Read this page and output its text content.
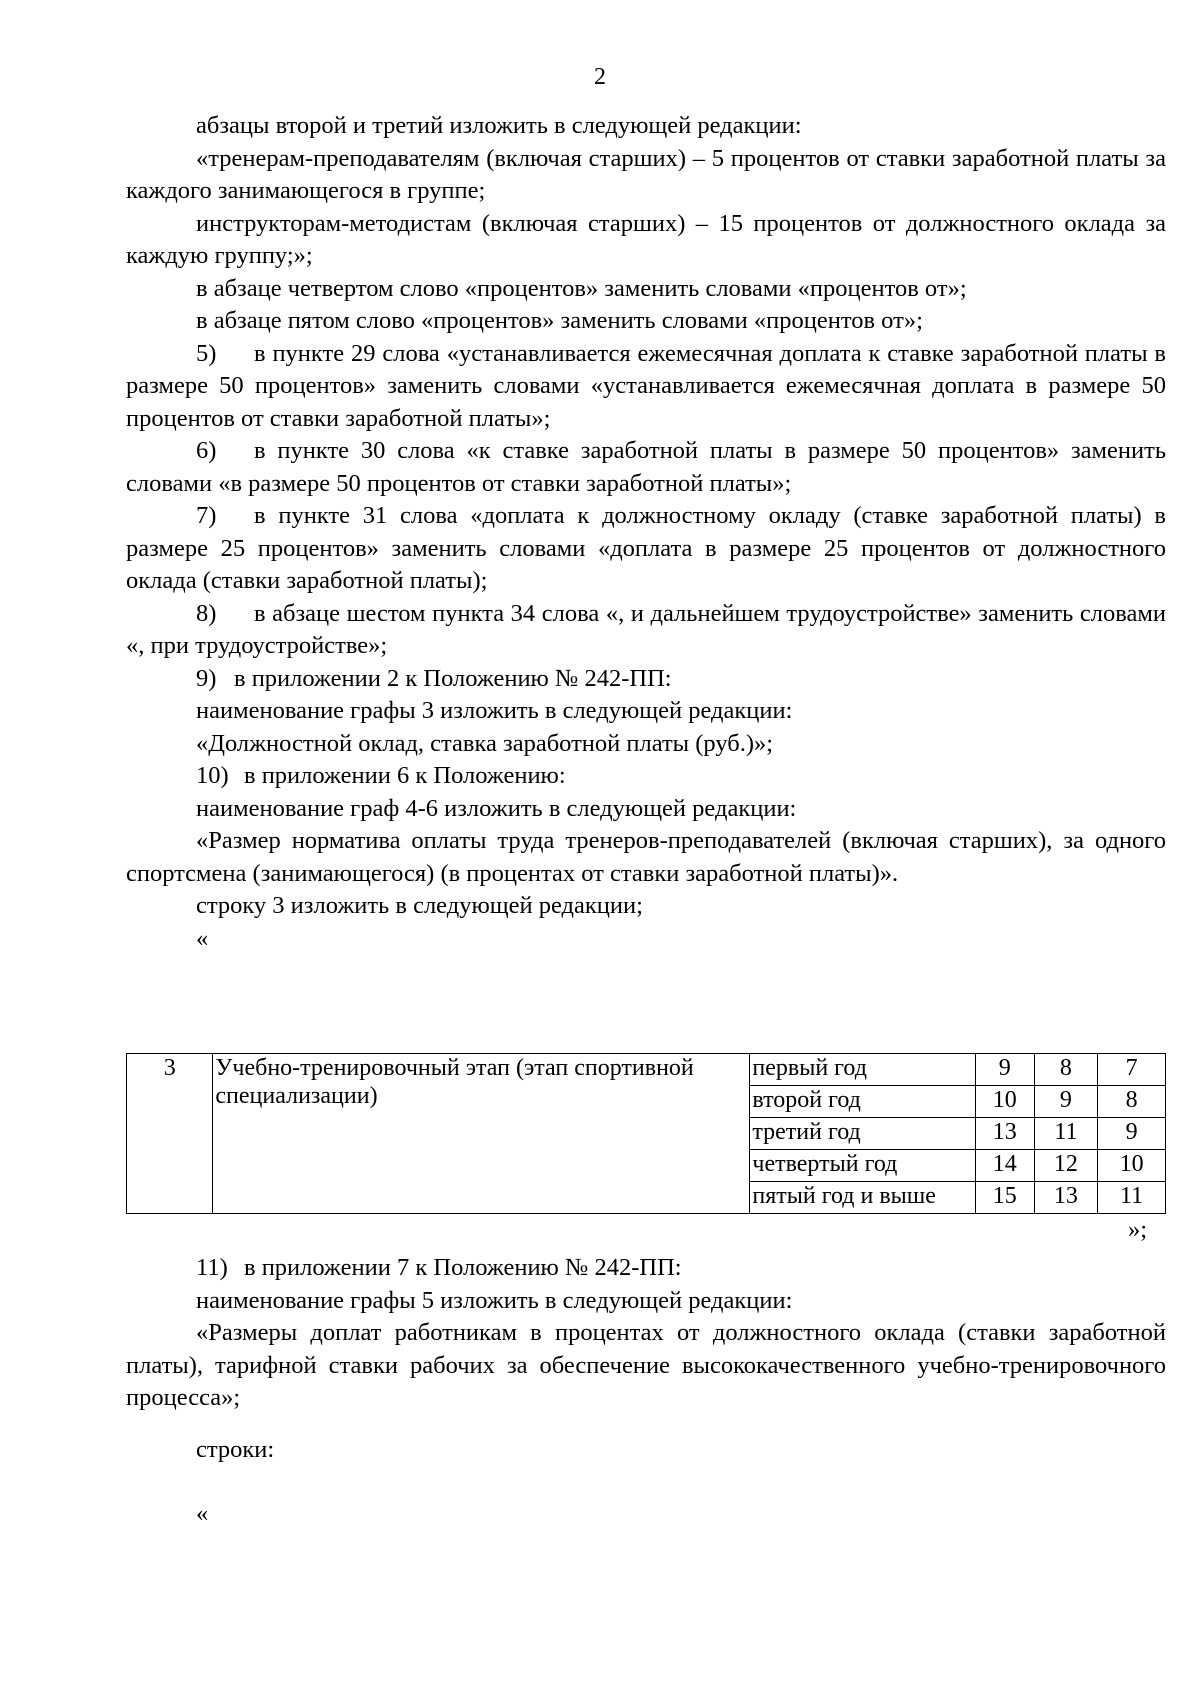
2

абзацы второй и третий изложить в следующей редакции:

«тренерам-преподавателям (включая старших) – 5 процентов от ставки заработной платы за каждого занимающегося в группе;

инструкторам-методистам (включая старших) – 15 процентов от должностного оклада за каждую группу;»;

в абзаце четвертом слово «процентов» заменить словами «процентов от»;

в абзаце пятом слово «процентов» заменить словами «процентов от»;

5) в пункте 29 слова «устанавливается ежемесячная доплата к ставке заработной платы в размере 50 процентов» заменить словами «устанавливается ежемесячная доплата в размере 50 процентов от ставки заработной платы»;

6) в пункте 30 слова «к ставке заработной платы в размере 50 процентов» заменить словами «в размере 50 процентов от ставки заработной платы»;

7) в пункте 31 слова «доплата к должностному окладу (ставке заработной платы) в размере 25 процентов» заменить словами «доплата в размере 25 процентов от должностного оклада (ставки заработной платы);

8) в абзаце шестом пункта 34 слова «, и дальнейшем трудоустройстве» заменить словами «, при трудоустройстве»;

9) в приложении 2 к Положению № 242-ПП:

наименование графы 3 изложить в следующей редакции:

«Должностной оклад, ставка заработной платы (руб.)»;

10) в приложении 6 к Положению:

наименование граф 4-6 изложить в следующей редакции:

«Размер норматива оплаты труда тренеров-преподавателей (включая старших), за одного спортсмена (занимающегося) (в процентах от ставки заработной платы)».

строку 3 изложить в следующей редакции;

«

3	Учебно-тренировочный этап (этап спортивной специализации)	первый год	9	8	7
		второй год	10	9	8
		третий год	13	11	9
		четвертый год	14	12	10
		пятый год и выше	15	13	11
»;

11) в приложении 7 к Положению № 242-ПП:

наименование графы 5 изложить в следующей редакции:

«Размеры доплат работникам в процентах от должностного оклада (ставки заработной платы), тарифной ставки рабочих за обеспечение высококачественного учебно-тренировочного процесса»;

строки:
«
